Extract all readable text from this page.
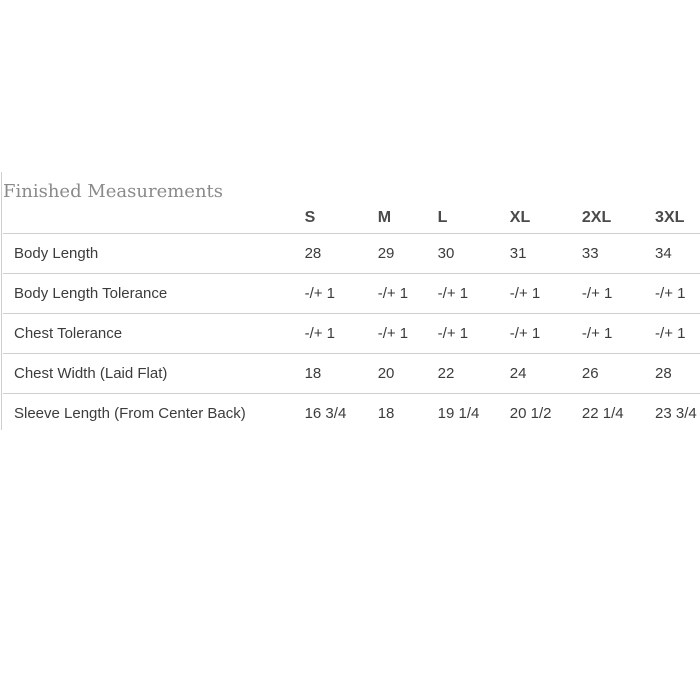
Finished Measurements
	S	M	L	XL	2XL	3XL
Body Length	28	29	30	31	33	34
Body Length Tolerance	-/+ 1	-/+ 1	-/+ 1	-/+ 1	-/+ 1	-/+ 1
Chest Tolerance	-/+ 1	-/+ 1	-/+ 1	-/+ 1	-/+ 1	-/+ 1
Chest Width (Laid Flat)	18	20	22	24	26	28
Sleeve Length (From Center Back)	16 3/4	18	19 1/4	20 1/2	22 1/4	23 3/4
